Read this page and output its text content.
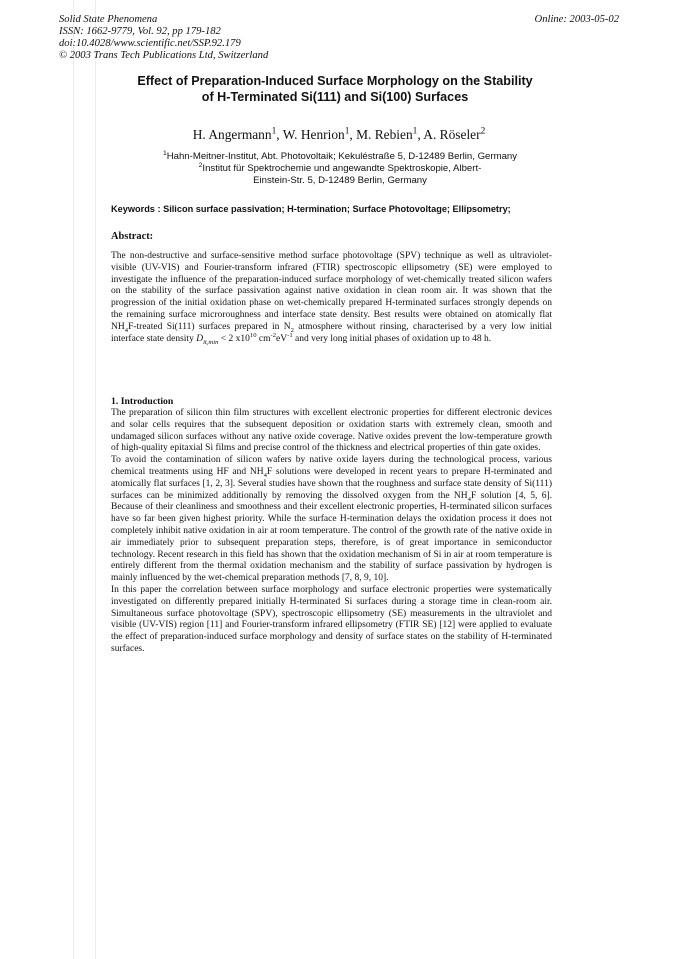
Solid State Phenomena
ISSN: 1662-9779, Vol. 92, pp 179-182
doi:10.4028/www.scientific.net/SSP.92.179
© 2003 Trans Tech Publications Ltd, Switzerland
Online: 2003-05-02
Effect of Preparation-Induced Surface Morphology on the Stability
of H-Terminated Si(111) and Si(100) Surfaces
H. Angermann$^1$, W. Henrion$^1$, M. Rebien$^1$, A. Röseler$^2$
$^1$Hahn-Meitner-Institut, Abt. Photovoltaik; Kekuléstraße 5, D-12489 Berlin, Germany
$^2$Institut für Spektrochemie und angewandte Spektroskopie, Albert-
Einstein-Str. 5, D-12489 Berlin, Germany
Keywords : Silicon surface passivation; H-termination; Surface Photovoltage; Ellipsometry;
Abstract:
The non-destructive and surface-sensitive method surface photovoltage (SPV) technique as well as ultraviolet-visible (UV-VIS) and Fourier-transform infrared (FTIR) spectroscopic ellipsometry (SE) were employed to investigate the influence of the preparation-induced surface morphology of wet-chemically treated silicon wafers on the stability of the surface passivation against native oxidation in clean room air. It was shown that the progression of the initial oxidation phase on wet-chemically prepared H-terminated surfaces strongly depends on the remaining surface microroughness and interface state density. Best results were obtained on atomically flat $NH_4F$-treated Si(111) surfaces prepared in $N_2$ atmosphere without rinsing, characterised by a very low initial interface state density $D_{it,min} < 2$ $x10^{10}$ $cm^{-2}eV^{-1}$ and very long initial phases of oxidation up to 48 h.
1. Introduction

The preparation of silicon thin film structures with excellent electronic properties for different electronic devices and solar cells requires that the subsequent deposition or oxidation starts with extremely clean, smooth and undamaged silicon surfaces without any native oxide coverage. Native oxides prevent the low-temperature growth of high-quality epitaxial Si films and precise control of the thickness and electrical properties of thin gate oxides.

To avoid the contamination of silicon wafers by native oxide layers during the technological process, various chemical treatments using HF and $NH_4F$ solutions were developed in recent years to prepare H-terminated and atomically flat surfaces [1, 2, 3]. Several studies have shown that the roughness and surface state density of Si(111) surfaces can be minimized additionally by removing the dissolved oxygen from the $NH_4F$ solution [4, 5, 6]. Because of their cleanliness and smoothness and their excellent electronic properties, H-terminated silicon surfaces have so far been given highest priority. While the surface H-termination delays the oxidation process it does not completely inhibit native oxidation in air at room temperature. The control of the growth rate of the native oxide in air immediately prior to subsequent preparation steps, therefore, is of great importance in semiconductor technology. Recent research in this field has shown that the oxidation mechanism of Si in air at room temperature is entirely different from the thermal oxidation mechanism and the stability of surface passivation by hydrogen is mainly influenced by the wet-chemical preparation methods [7, 8, 9, 10].

In this paper the correlation between surface morphology and surface electronic properties were systematically investigated on differently prepared initially H-terminated Si surfaces during a storage time in clean-room air. Simultaneous surface photovoltage (SPV), spectroscopic ellipsometry (SE) measurements in the ultraviolet and visible (UV-VIS) region [11] and Fourier-transform infrared ellipsometry (FTIR SE) [12] were applied to evaluate the effect of preparation-induced surface morphology and density of surface states on the stability of H-terminated surfaces.
